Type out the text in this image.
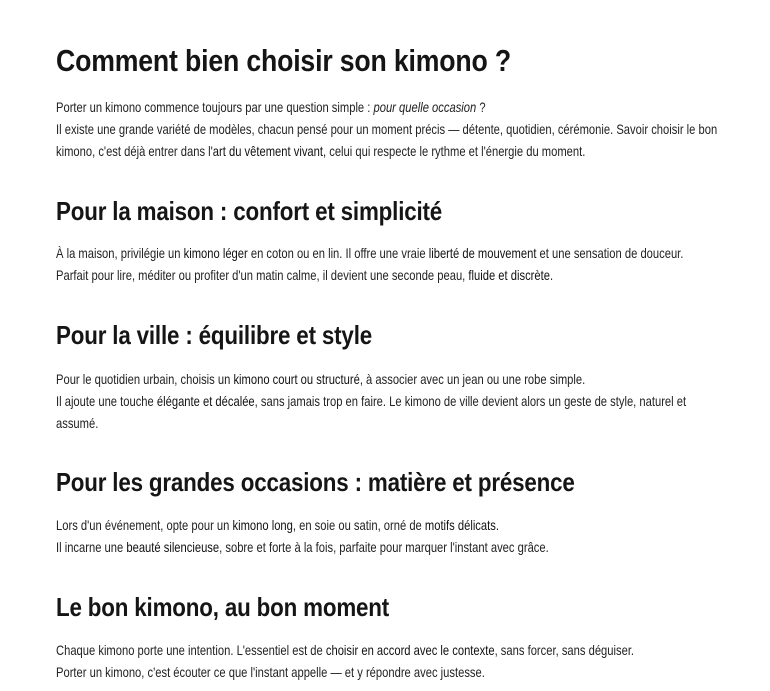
Comment bien choisir son kimono ?

Porter un kimono commence toujours par une question simple : pour quelle occasion ?
Il existe une grande variété de modèles, chacun pensé pour un moment précis — détente, quotidien, cérémonie. Savoir choisir le bon
kimono, c'est déjà entrer dans l'art du vêtement vivant, celui qui respecte le rythme et l'énergie du moment.

Pour la maison : confort et simplicité

À la maison, privilégie un kimono léger en coton ou en lin. Il offre une vraie liberté de mouvement et une sensation de douceur.
Parfait pour lire, méditer ou profiter d'un matin calme, il devient une seconde peau, fluide et discrète.

Pour la ville : équilibre et style

Pour le quotidien urbain, choisis un kimono court ou structuré, à associer avec un jean ou une robe simple.
Il ajoute une touche élégante et décalée, sans jamais trop en faire. Le kimono de ville devient alors un geste de style, naturel et
assumé.

Pour les grandes occasions : matière et présence

Lors d'un événement, opte pour un kimono long, en soie ou satin, orné de motifs délicats.
Il incarne une beauté silencieuse, sobre et forte à la fois, parfaite pour marquer l'instant avec grâce.

Le bon kimono, au bon moment

Chaque kimono porte une intention. L'essentiel est de choisir en accord avec le contexte, sans forcer, sans déguiser.
Porter un kimono, c'est écouter ce que l'instant appelle — et y répondre avec justesse.
